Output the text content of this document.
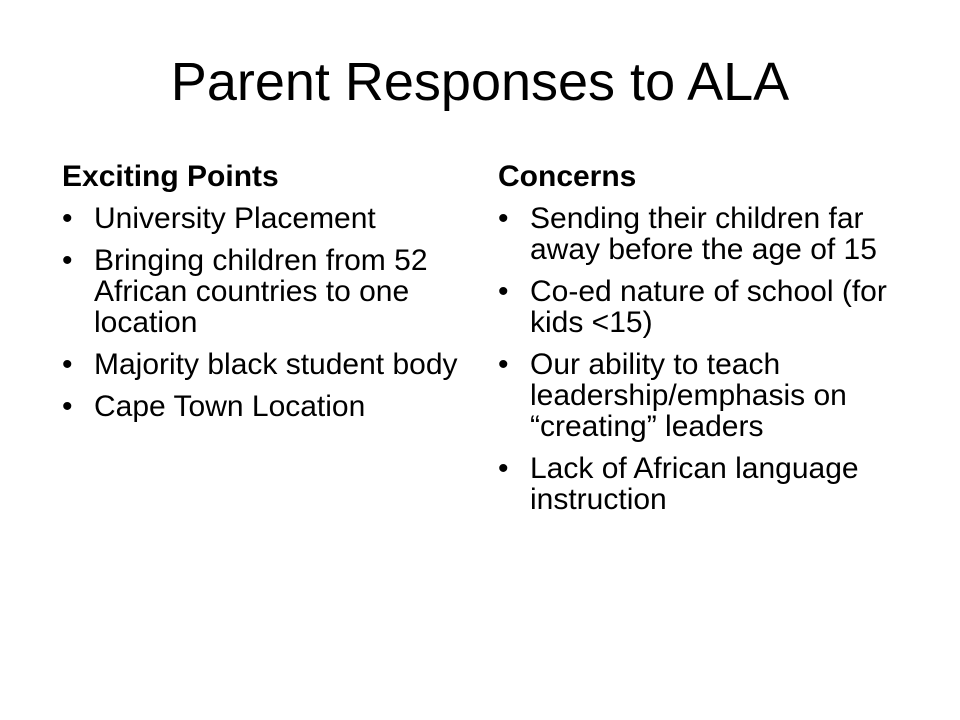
Parent Responses to ALA
Exciting Points
• University Placement
• Bringing children from 52 African countries to one location
• Majority black student body
• Cape Town Location
Concerns
• Sending their children far away before the age of 15
• Co-ed nature of school (for kids <15)
• Our ability to teach leadership/emphasis on “creating” leaders
• Lack of African language instruction
